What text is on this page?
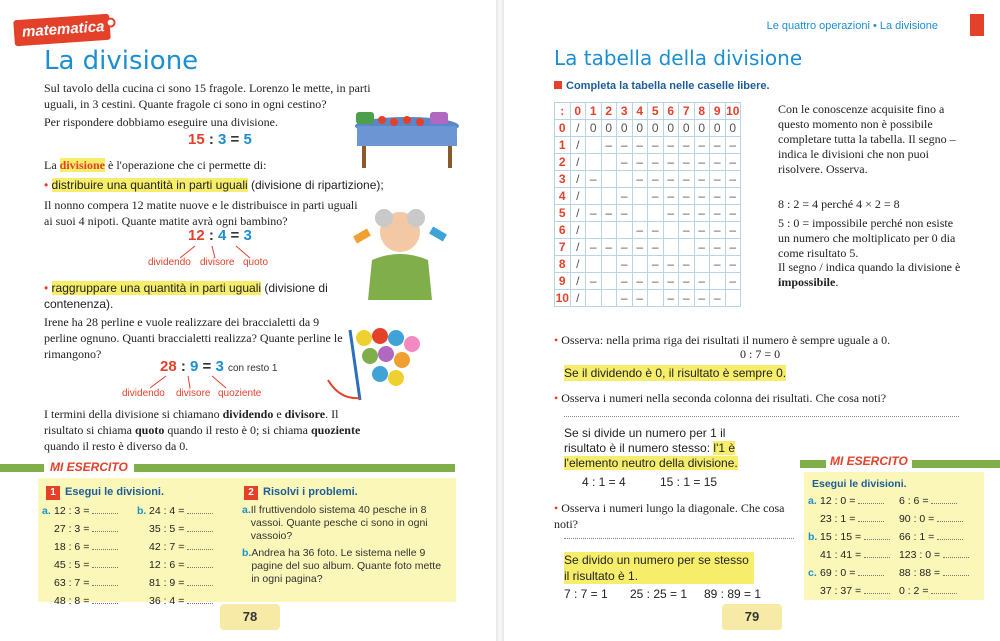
matematica
La divisione
Sul tavolo della cucina ci sono 15 fragole. Lorenzo le mette, in parti uguali, in 3 cestini. Quante fragole ci sono in ogni cestino?
Per rispondere dobbiamo eseguire una divisione.
15 : 3 = 5
La divisione è l'operazione che ci permette di:
• distribuire una quantità in parti uguali (divisione di ripartizione);
Il nonno compera 12 matite nuove e le distribuisce in parti uguali ai suoi 4 nipoti. Quante matite avrà ogni bambino?
12 : 4 = 3
dividendo divisore quoto
• raggruppare una quantità in parti uguali (divisione di contenenza).
Irene ha 28 perline e vuole realizzare dei braccialetti da 9 perline ognuno. Quanti braccialetti realizza? Quante perline le rimangono?
28 : 9 = 3 con resto 1
dividendo divisore quoziente
I termini della divisione si chiamano dividendo e divisore. Il risultato si chiama quoto quando il resto è 0; si chiama quoziente quando il resto è diverso da 0.
MI ESERCITO
1 Esegui le divisioni.
a. 12 : 3 =
27 : 3 =
18 : 6 =
45 : 5 =
63 : 7 =
48 : 8 =
b. 24 : 4 =
35 : 5 =
42 : 7 =
12 : 6 =
81 : 9 =
36 : 4 =
2 Risolvi i problemi.
a. Il fruttivendolo sistema 40 pesche in 8 vassoi. Quante pesche ci sono in ogni vassoio?
b. Andrea ha 36 foto. Le sistema nelle 9 pagine del suo album. Quante foto mette in ogni pagina?
78
Le quattro operazioni • La divisione
La tabella della divisione
Completa la tabella nelle caselle libere.
:	0	1	2	3	4	5	6	7	8	9	10
0	/	0	0	0	0	0	0	0	0	0	0
1	/		–	–	–	–	–	–	–	–	–
2	/			–	–	–	–	–	–	–	–
3	/	–			–	–	–	–	–	–	–
4	/			–		–	–	–	–	–	–
5	/	–	–	–			–	–	–	–	–
6	/				–	–		–	–	–	–
7	/	–	–	–	–	–			–	–	–
8	/			–		–	–	–		–	–
9	/	–		–	–	–	–	–	–		–
10	/			–	–		–	–	–	–	
Con le conoscenze acquisite fino a questo momento non è possibile completare tutta la tabella. Il segno – indica le divisioni che non puoi risolvere. Osserva.
8 : 2 = 4 perché 4 × 2 = 8
5 : 0 = impossibile perché non esiste un numero che moltiplicato per 0 dia come risultato 5.
Il segno / indica quando la divisione è impossibile.
• Osserva: nella prima riga dei risultati il numero è sempre uguale a 0.
0 : 7 = 0
Se il dividendo è 0, il risultato è sempre 0.
• Osserva i numeri nella seconda colonna dei risultati. Che cosa noti?
Se si divide un numero per 1 il risultato è il numero stesso: l'1 è l'elemento neutro della divisione.
4 : 1 = 4	15 : 1 = 15
• Osserva i numeri lungo la diagonale. Che cosa noti?
Se divido un numero per se stesso il risultato è 1.
7 : 7 = 1 25 : 25 = 1 89 : 89 = 1
MI ESERCITO
Esegui le divisioni.
a. 12 : 0 =
23 : 1 =
b. 15 : 15 =
41 : 41 =
c. 69 : 0 =
37 : 37 =
6 : 6 =
90 : 0 =
66 : 1 =
123 : 0 =
88 : 88 =
0 : 2 =
79
